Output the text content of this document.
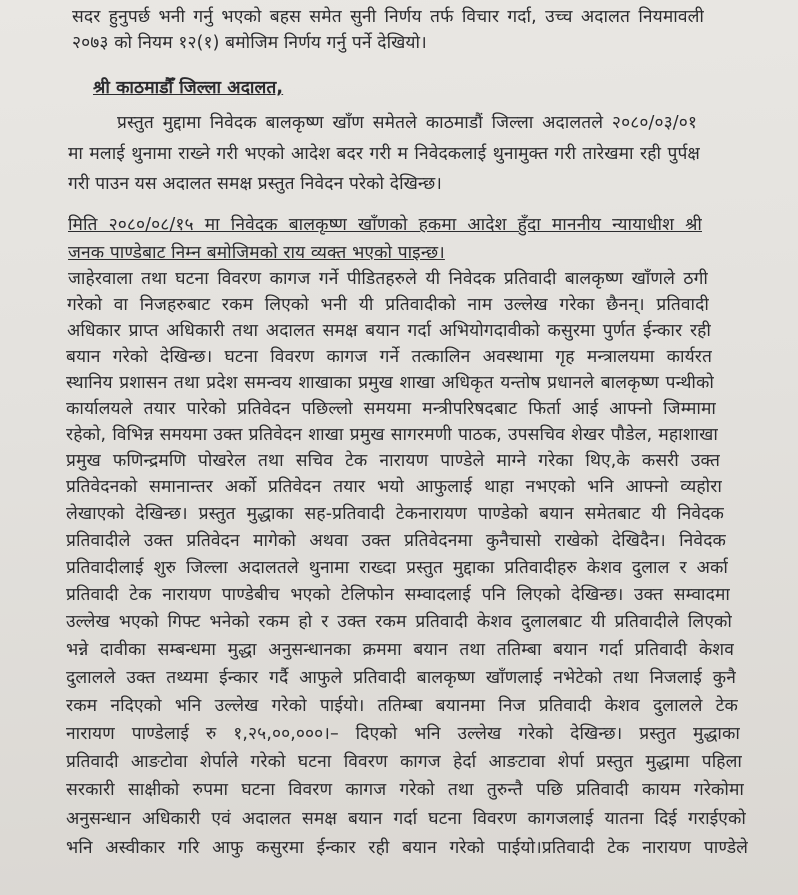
सदर हुनुपर्छ भनी गर्नु भएको बहस समेत सुनी निर्णय तर्फ विचार गर्दा, उच्च अदालत नियमावली
२०७३ को नियम १२(१) बमोजिम निर्णय गर्नु पर्ने देखियो।
श्री काठमाडौँ जिल्ला अदालत,
प्रस्तुत मुद्दामा निवेदक बालकृष्ण खाँण समेतले काठमाडौं जिल्ला अदालतले २०८०/०३/०१
मा मलाई थुनामा राख्ने गरी भएको आदेश बदर गरी म निवेदकलाई थुनामुक्त गरी तारेखमा रही पुर्पक्ष
गरी पाउन यस अदालत समक्ष प्रस्तुत निवेदन परेको देखिन्छ।
मिति २०८०/०८/१५ मा निवेदक बालकृष्ण खाँणको हकमा आदेश हुँदा माननीय न्यायाधीश श्री
जनक पाण्डेबाट निम्न बमोजिमको राय व्यक्त भएको पाइन्छ।
जाहेरवाला तथा घटना विवरण कागज गर्ने पीडितहरुले यी निवेदक प्रतिवादी बालकृष्ण खाँणले ठगी
गरेको वा निजहरुबाट रकम लिएको भनी यी प्रतिवादीको नाम उल्लेख गरेका छैनन्। प्रतिवादी
अधिकार प्राप्त अधिकारी तथा अदालत समक्ष बयान गर्दा अभियोगदावीको कसुरमा पुर्णत ईन्कार रही
बयान गरेको देखिन्छ। घटना विवरण कागज गर्ने तत्कालिन अवस्थामा गृह मन्त्रालयमा कार्यरत
स्थानिय प्रशासन तथा प्रदेश समन्वय शाखाका प्रमुख शाखा अधिकृत यन्तोष प्रधानले बालकृष्ण पन्थीको
कार्यालयले तयार पारेको प्रतिवेदन पछिल्लो समयमा मन्त्रीपरिषदबाट फिर्ता आई आफ्नो जिम्मामा
रहेको, विभिन्न समयमा उक्त प्रतिवेदन शाखा प्रमुख सागरमणी पाठक, उपसचिव शेखर पौडेल, महाशाखा
प्रमुख फणिन्द्रमणि पोखरेल तथा सचिव टेक नारायण पाण्डेले माग्ने गरेका थिए,के कसरी उक्त
प्रतिवेदनको समानान्तर अर्को प्रतिवेदन तयार भयो आफुलाई थाहा नभएको भनि आफ्नो व्यहोरा
लेखाएको देखिन्छ। प्रस्तुत मुद्धाका सह-प्रतिवादी टेकनारायण पाण्डेको बयान समेतबाट यी निवेदक
प्रतिवादीले उक्त प्रतिवेदन मागेको अथवा उक्त प्रतिवेदनमा कुनैचासो राखेको देखिदैन। निवेदक
प्रतिवादीलाई शुरु जिल्ला अदालतले थुनामा राख्दा प्रस्तुत मुद्दाका प्रतिवादीहरु केशव दुलाल र अर्का
प्रतिवादी टेक नारायण पाण्डेबीच भएको टेलिफोन सम्वादलाई पनि लिएको देखिन्छ। उक्त सम्वादमा
उल्लेख भएको गिफ्ट भनेको रकम हो र उक्त रकम प्रतिवादी केशव दुलालबाट यी प्रतिवादीले लिएको
भन्ने दावीका सम्बन्धमा मुद्धा अनुसन्धानका क्रममा बयान तथा ततिम्बा बयान गर्दा प्रतिवादी केशव
दुलालले उक्त तथ्यमा ईन्कार गर्दै आफुले प्रतिवादी बालकृष्ण खाँणलाई नभेटेको तथा निजलाई कुनै
रकम नदिएको भनि उल्लेख गरेको पाईयो। ततिम्बा बयानमा निज प्रतिवादी केशव दुलालले टेक
नारायण पाण्डेलाई रु १,२५,००,०००।– दिएको भनि उल्लेख गरेको देखिन्छ। प्रस्तुत मुद्धाका
प्रतिवादी आङटोवा शेर्पाले गरेको घटना विवरण कागज हेर्दा आङटावा शेर्पा प्रस्तुत मुद्धामा पहिला
सरकारी साक्षीको रुपमा घटना विवरण कागज गरेको तथा तुरुन्तै पछि प्रतिवादी कायम गरेकोमा
अनुसन्धान अधिकारी एवं अदालत समक्ष बयान गर्दा घटना विवरण कागजलाई यातना दिई गराईएको
भनि अस्वीकार गरि आफु कसुरमा ईन्कार रही बयान गरेको पाईयो।प्रतिवादी टेक नारायण पाण्डेले
